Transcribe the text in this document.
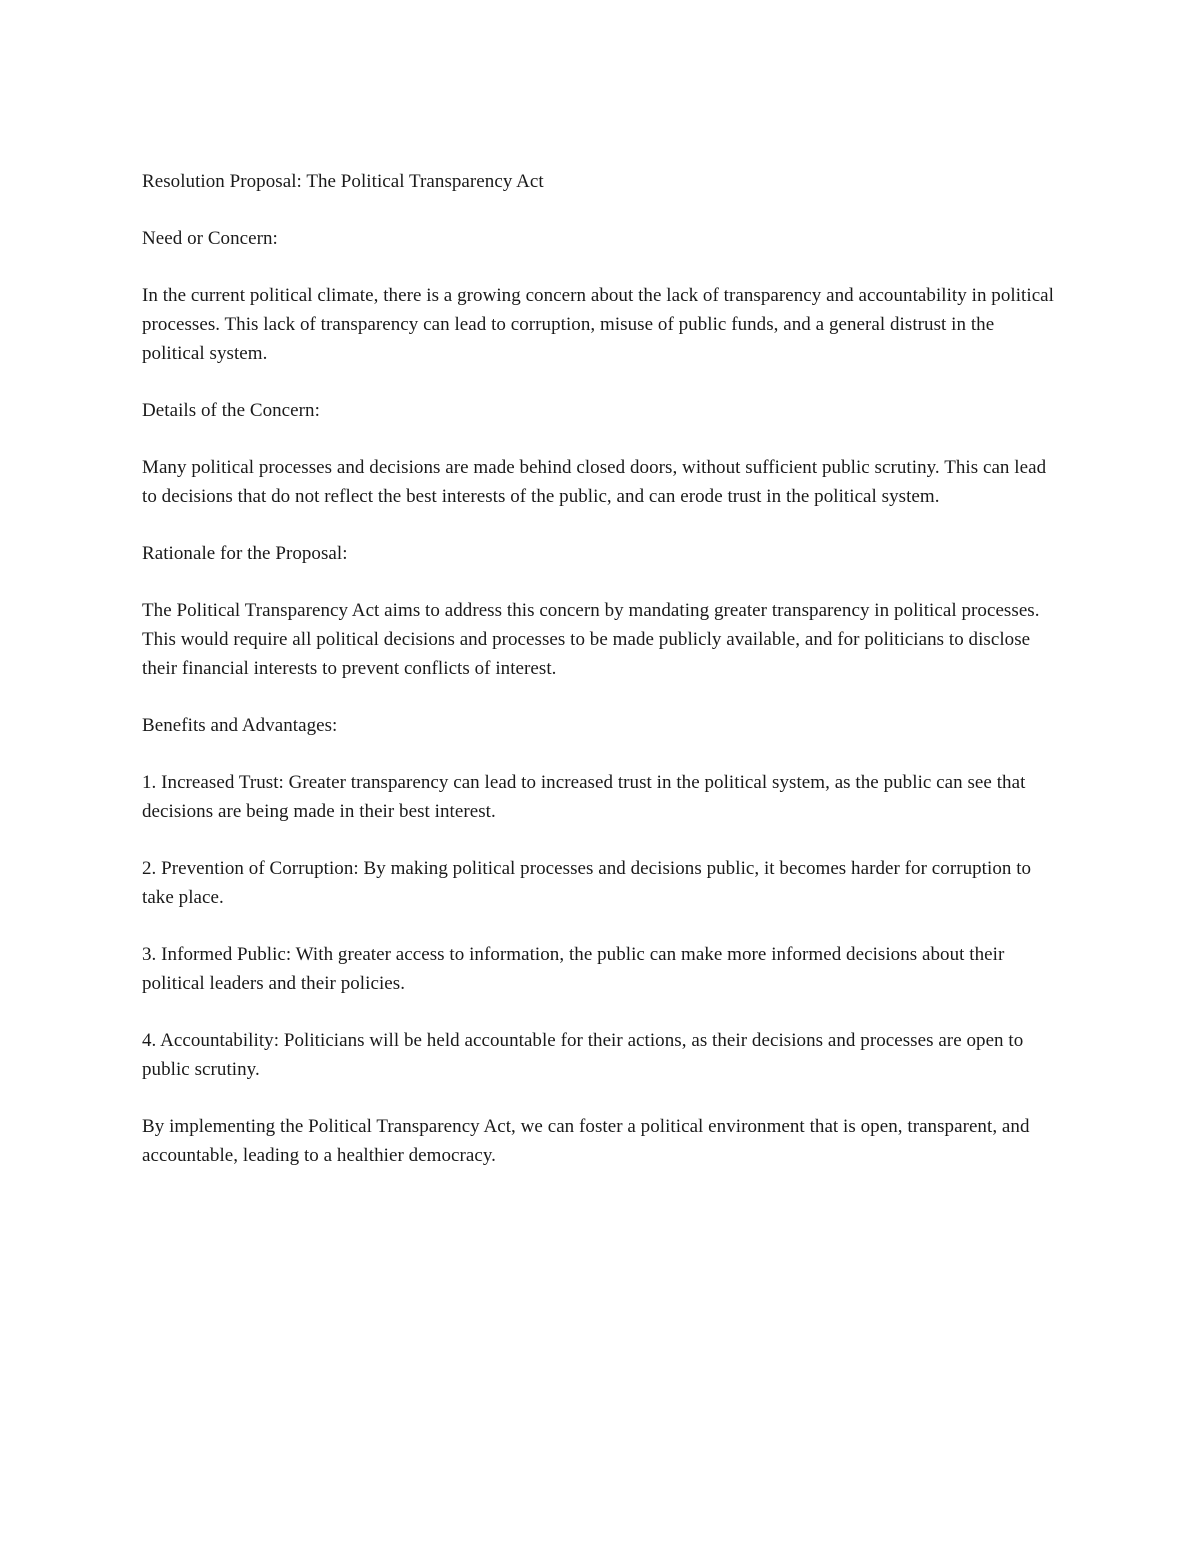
Resolution Proposal: The Political Transparency Act

Need or Concern:

In the current political climate, there is a growing concern about the lack of transparency and accountability in political processes. This lack of transparency can lead to corruption, misuse of public funds, and a general distrust in the political system.

Details of the Concern:

Many political processes and decisions are made behind closed doors, without sufficient public scrutiny. This can lead to decisions that do not reflect the best interests of the public, and can erode trust in the political system.

Rationale for the Proposal:

The Political Transparency Act aims to address this concern by mandating greater transparency in political processes. This would require all political decisions and processes to be made publicly available, and for politicians to disclose their financial interests to prevent conflicts of interest.

Benefits and Advantages:

1. Increased Trust: Greater transparency can lead to increased trust in the political system, as the public can see that decisions are being made in their best interest.

2. Prevention of Corruption: By making political processes and decisions public, it becomes harder for corruption to take place.

3. Informed Public: With greater access to information, the public can make more informed decisions about their political leaders and their policies.

4. Accountability: Politicians will be held accountable for their actions, as their decisions and processes are open to public scrutiny.

By implementing the Political Transparency Act, we can foster a political environment that is open, transparent, and accountable, leading to a healthier democracy.
